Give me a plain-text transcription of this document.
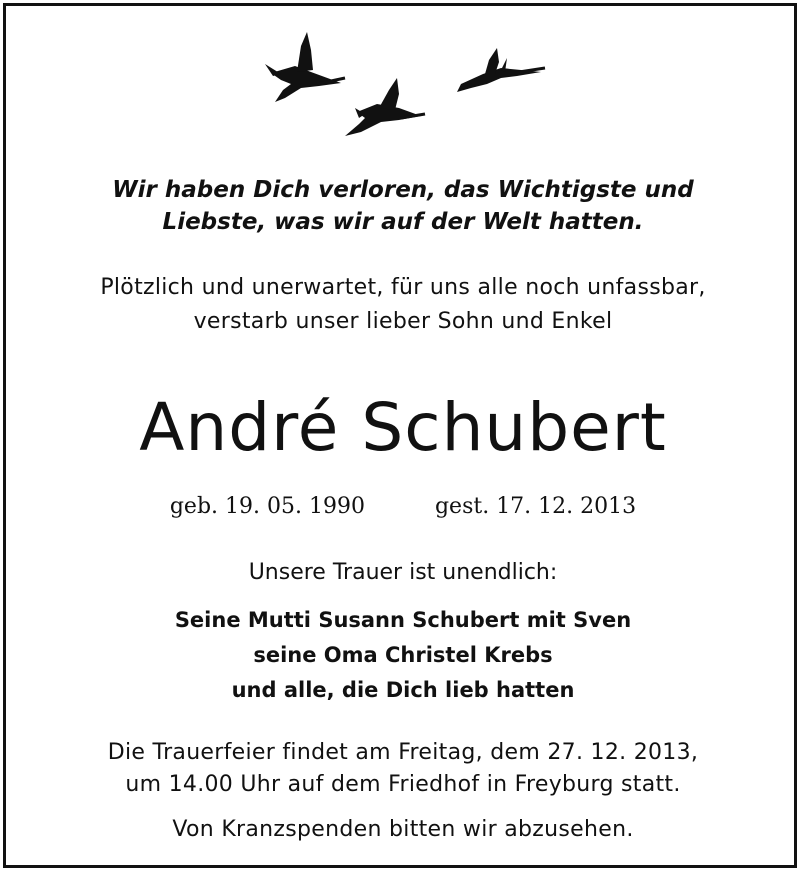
Wir haben Dich verloren, das Wichtigste und
Liebste, was wir auf der Welt hatten.
Plötzlich und unerwartet, für uns alle noch unfassbar,
verstarb unser lieber Sohn und Enkel
André Schubert
geb. 19. 05. 1990	gest. 17. 12. 2013
Unsere Trauer ist unendlich:
Seine Mutti Susann Schubert mit Sven
seine Oma Christel Krebs
und alle, die Dich lieb hatten
Die Trauerfeier findet am Freitag, dem 27. 12. 2013,
um 14.00 Uhr auf dem Friedhof in Freyburg statt.
Von Kranzspenden bitten wir abzusehen.
